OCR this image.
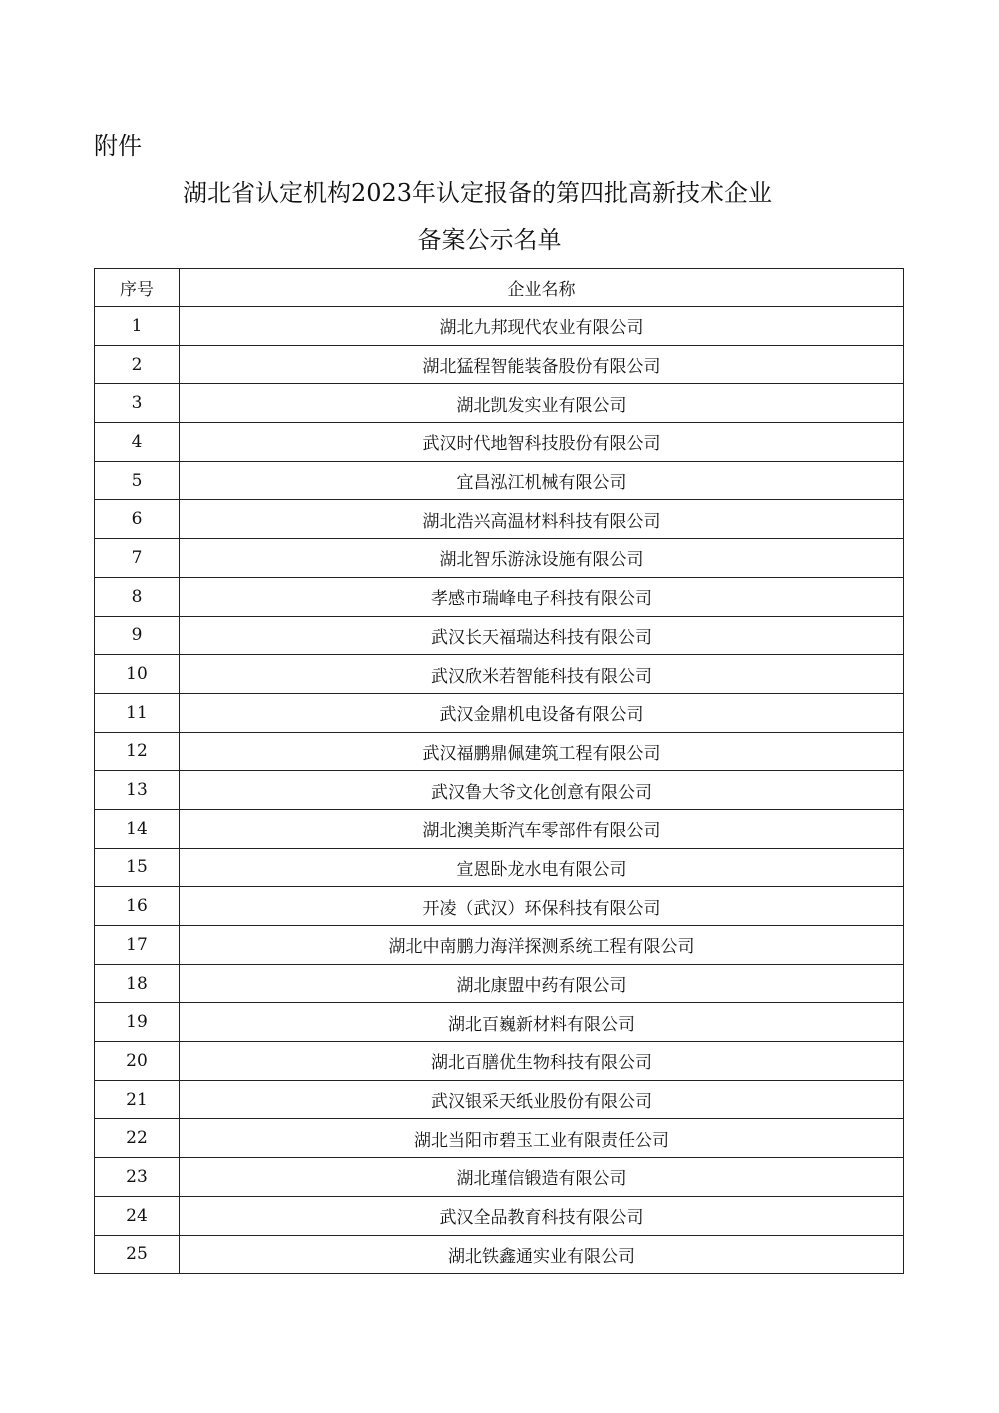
附件
湖北省认定机构2023年认定报备的第四批高新技术企业
备案公示名单
序号	企业名称
1	湖北九邦现代农业有限公司
2	湖北猛程智能装备股份有限公司
3	湖北凯发实业有限公司
4	武汉时代地智科技股份有限公司
5	宜昌泓江机械有限公司
6	湖北浩兴高温材料科技有限公司
7	湖北智乐游泳设施有限公司
8	孝感市瑞峰电子科技有限公司
9	武汉长天福瑞达科技有限公司
10	武汉欣米若智能科技有限公司
11	武汉金鼎机电设备有限公司
12	武汉福鹏鼎佩建筑工程有限公司
13	武汉鲁大爷文化创意有限公司
14	湖北澳美斯汽车零部件有限公司
15	宣恩卧龙水电有限公司
16	开凌（武汉）环保科技有限公司
17	湖北中南鹏力海洋探测系统工程有限公司
18	湖北康盟中药有限公司
19	湖北百巍新材料有限公司
20	湖北百膳优生物科技有限公司
21	武汉银采天纸业股份有限公司
22	湖北当阳市碧玉工业有限责任公司
23	湖北瑾信锻造有限公司
24	武汉全品教育科技有限公司
25	湖北铁鑫通实业有限公司
